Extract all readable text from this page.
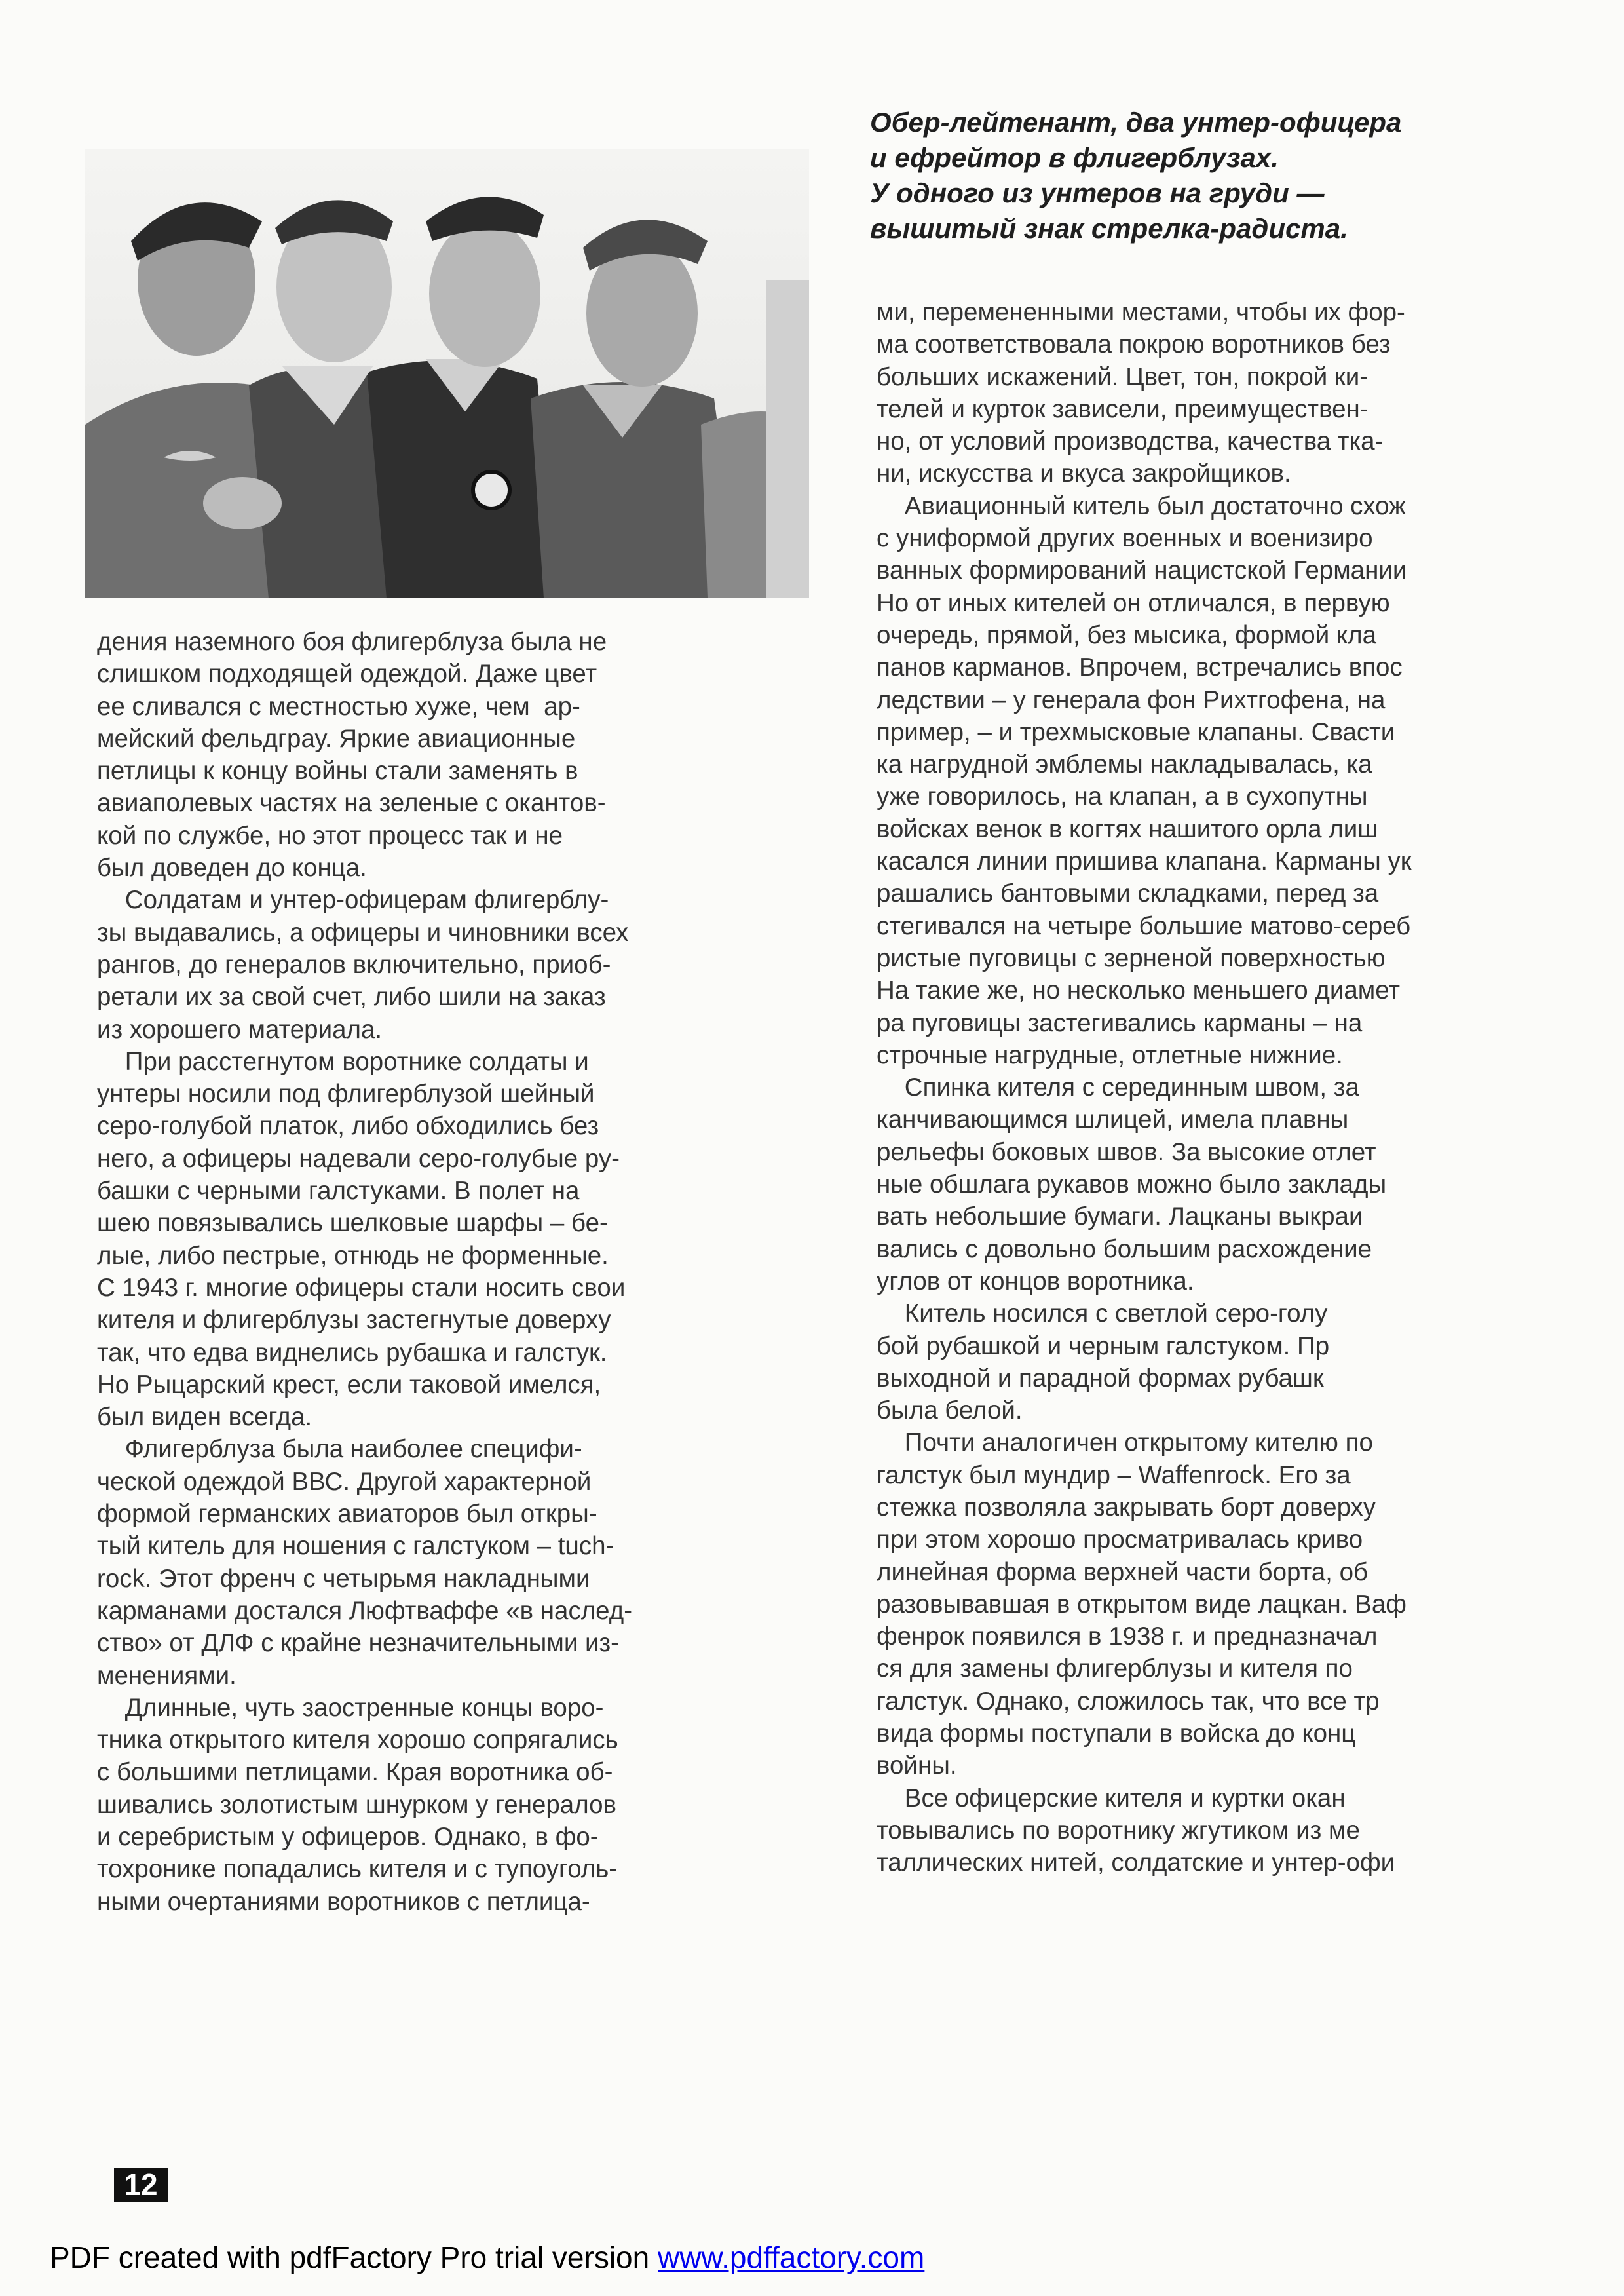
Обер-лейтенант, два унтер-офицера
и ефрейтор в флигерблузах.
У одного из унтеров на груди —
вышитый знак стрелка-радиста.
дения наземного боя флигерблуза была не
слишком подходящей одеждой. Даже цвет
ее сливался с местностью хуже, чем  ар-
мейский фельдграу. Яркие авиационные
петлицы к концу войны стали заменять в
авиаполевых частях на зеленые с окантов-
кой по службе, но этот процесс так и не
был доведен до конца.
Солдатам и унтер-офицерам флигерблу-
зы выдавались, а офицеры и чиновники всех
рангов, до генералов включительно, приоб-
ретали их за свой счет, либо шили на заказ
из хорошего материала.
При расстегнутом воротнике солдаты и
унтеры носили под флигерблузой шейный
серо-голубой платок, либо обходились без
него, а офицеры надевали серо-голубые ру-
башки с черными галстуками. В полет на
шею повязывались шелковые шарфы – бе-
лые, либо пестрые, отнюдь не форменные.
С 1943 г. многие офицеры стали носить свои
кителя и флигерблузы застегнутые доверху
так, что едва виднелись рубашка и галстук.
Но Рыцарский крест, если таковой имелся,
был виден всегда.
Флигерблуза была наиболее специфи-
ческой одеждой ВВС. Другой характерной
формой германских авиаторов был откры-
тый китель для ношения с галстуком – tuch-
rock. Этот френч с четырьмя накладными
карманами достался Люфтваффе «в наслед-
ство» от ДЛФ с крайне незначительными из-
менениями.
Длинные, чуть заостренные концы воро-
тника открытого кителя хорошо сопрягались
с большими петлицами. Края воротника об-
шивались золотистым шнурком у генералов
и серебристым у офицеров. Однако, в фо-
тохронике попадались кителя и с тупоуголь-
ными очертаниями воротников с петлица-
ми, перемененными местами, чтобы их фор-
ма соответствовала покрою воротников без
больших искажений. Цвет, тон, покрой ки-
телей и курток зависели, преимуществен-
но, от условий производства, качества тка-
ни, искусства и вкуса закройщиков.
Авиационный китель был достаточно схож
с униформой других военных и военизиро
ванных формирований нацистской Германии
Но от иных кителей он отличался, в первую
очередь, прямой, без мысика, формой кла
панов карманов. Впрочем, встречались впос
ледствии – у генерала фон Рихтгофена, на
пример, – и трехмысковые клапаны. Свасти
ка нагрудной эмблемы накладывалась, ка
уже говорилось, на клапан, а в сухопутны
войсках венок в когтях нашитого орла лиш
касался линии пришива клапана. Карманы ук
рашались бантовыми складками, перед за
стегивался на четыре большие матово-сереб
ристые пуговицы с зерненой поверхностью
На такие же, но несколько меньшего диамет
ра пуговицы застегивались карманы – на
строчные нагрудные, отлетные нижние.
Спинка кителя с серединным швом, за
канчивающимся шлицей, имела плавны
рельефы боковых швов. За высокие отлет
ные обшлага рукавов можно было заклады
вать небольшие бумаги. Лацканы выкраи
вались с довольно большим расхождение
углов от концов воротника.
Китель носился с светлой серо-голу
бой рубашкой и черным галстуком. Пр
выходной и парадной формах рубашк
была белой.
Почти аналогичен открытому кителю по
галстук был мундир – Waffenrock. Его за
стежка позволяла закрывать борт доверху
при этом хорошо просматривалась криво
линейная форма верхней части борта, об
разовывавшая в открытом виде лацкан. Ваф
фенрок появился в 1938 г. и предназначал
ся для замены флигерблузы и кителя по
галстук. Однако, сложилось так, что все тр
вида формы поступали в войска до конц
войны.
Все офицерские кителя и куртки окан
товывались по воротнику жгутиком из ме
таллических нитей, солдатские и унтер-офи
12
PDF created with pdfFactory Pro trial version www.pdffactory.com
